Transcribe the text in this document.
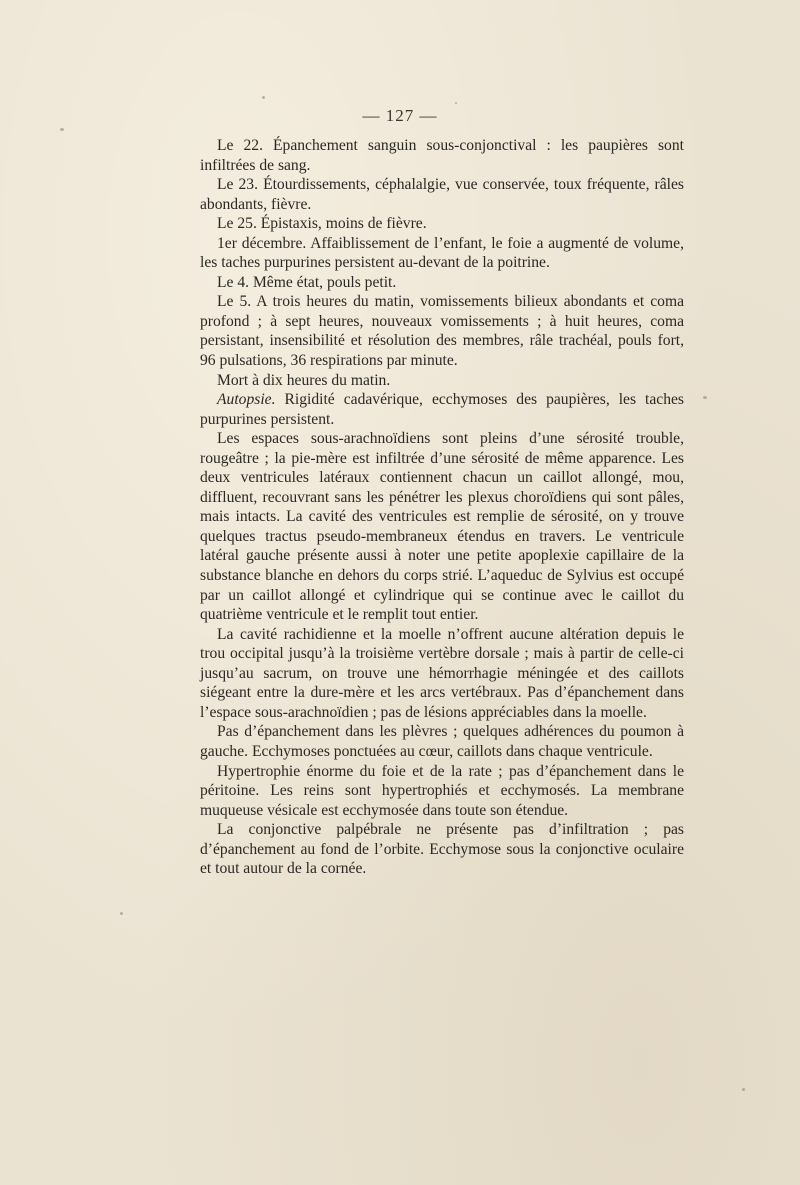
— 127 —

Le 22. Épanchement sanguin sous-conjonctival : les paupières sont infiltrées de sang.

Le 23. Étourdissements, céphalalgie, vue conservée, toux fréquente, râles abondants, fièvre.

Le 25. Épistaxis, moins de fièvre.

1er décembre. Affaiblissement de l’enfant, le foie a augmenté de volume, les taches purpurines persistent au-devant de la poitrine.

Le 4. Même état, pouls petit.

Le 5. A trois heures du matin, vomissements bilieux abondants et coma profond ; à sept heures, nouveaux vomissements ; à huit heures, coma persistant, insensibilité et résolution des membres, râle trachéal, pouls fort, 96 pulsations, 36 respirations par minute.

Mort à dix heures du matin.

Autopsie. Rigidité cadavérique, ecchymoses des paupières, les taches purpurines persistent.

Les espaces sous-arachnoïdiens sont pleins d’une sérosité trouble, rougeâtre ; la pie-mère est infiltrée d’une sérosité de même apparence. Les deux ventricules latéraux contiennent chacun un caillot allongé, mou, diffluent, recouvrant sans les pénétrer les plexus choroïdiens qui sont pâles, mais intacts. La cavité des ventricules est remplie de sérosité, on y trouve quelques tractus pseudo-membraneux étendus en travers. Le ventricule latéral gauche présente aussi à noter une petite apoplexie capillaire de la substance blanche en dehors du corps strié. L’aqueduc de Sylvius est occupé par un caillot allongé et cylindrique qui se continue avec le caillot du quatrième ventricule et le remplit tout entier.

La cavité rachidienne et la moelle n’offrent aucune altération depuis le trou occipital jusqu’à la troisième vertèbre dorsale ; mais à partir de celle-ci jusqu’au sacrum, on trouve une hémorrhagie méningée et des caillots siégeant entre la dure-mère et les arcs vertébraux. Pas d’épanchement dans l’espace sous-arachnoïdien ; pas de lésions appréciables dans la moelle.

Pas d’épanchement dans les plèvres ; quelques adhérences du poumon à gauche. Ecchymoses ponctuées au cœur, caillots dans chaque ventricule.

Hypertrophie énorme du foie et de la rate ; pas d’épanchement dans le péritoine. Les reins sont hypertrophiés et ecchymosés. La membrane muqueuse vésicale est ecchymosée dans toute son étendue.

La conjonctive palpébrale ne présente pas d’infiltration ; pas d’épanchement au fond de l’orbite. Ecchymose sous la conjonctive oculaire et tout autour de la cornée.
